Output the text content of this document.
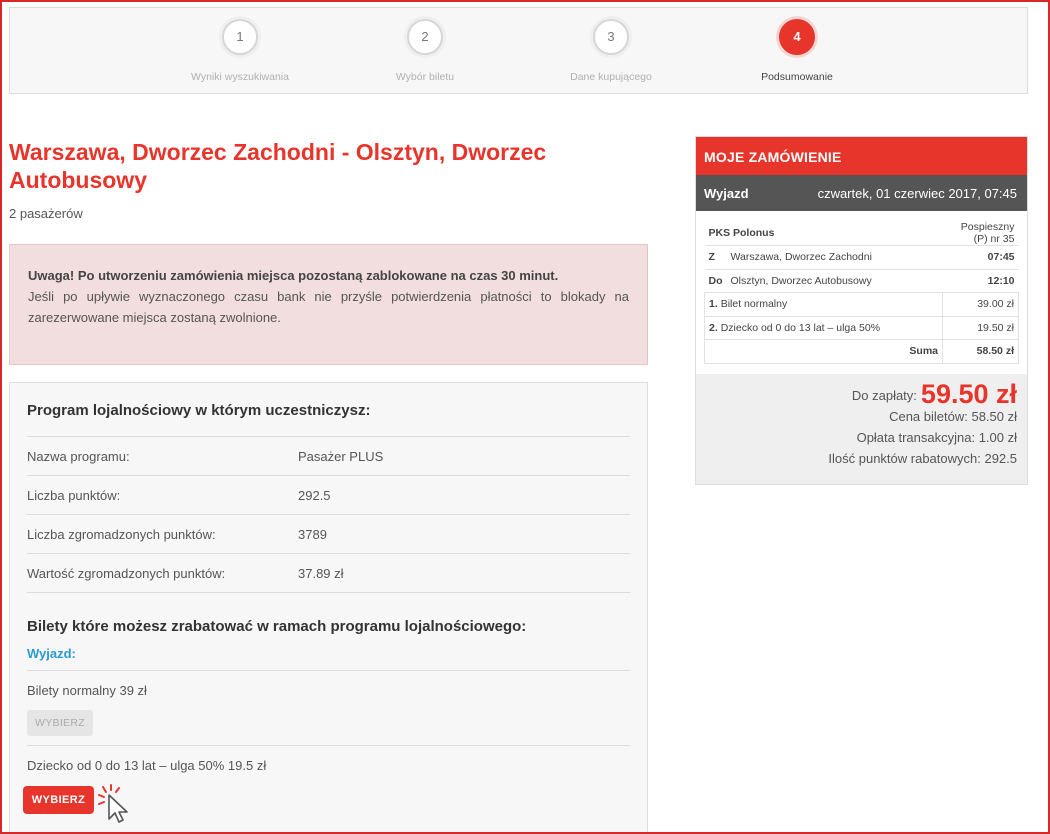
1
Wyniki wyszukiwania
2
Wybór biletu
3
Dane kupującego
4
Podsumowanie
Warszawa, Dworzec Zachodni - Olsztyn, Dworzec Autobusowy
2 pasażerów
Uwaga! Po utworzeniu zamówienia miejsca pozostaną zablokowane na czas 30 minut.
Jeśli po upływie wyznaczonego czasu bank nie przyśle potwierdzenia płatności to blokady na zarezerwowane miejsca zostaną zwolnione.
Program lojalnościowy w którym uczestniczysz:
Nazwa programu:	Pasażer PLUS
Liczba punktów:	292.5
Liczba zgromadzonych punktów:	3789
Wartość zgromadzonych punktów:	37.89 zł
Bilety które możesz zrabatować w ramach programu lojalnościowego:
Wyjazd:
Bilety normalny 39 zł
WYBIERZ
Dziecko od 0 do 13 lat – ulga 50% 19.5 zł
WYBIERZ
MOJE ZAMÓWIENIE
Wyjazd	czwartek, 01 czerwiec 2017, 07:45
PKS Polonus		Pospieszny (P) nr 35
Z	Warszawa, Dworzec Zachodni	07:45
Do	Olsztyn, Dworzec Autobusowy	12:10
1. Bilet normalny		39.00 zł
2. Dziecko od 0 do 13 lat – ulga 50%		19.50 zł
Suma		58.50 zł
Do zapłaty: 59.50 zł
Cena biletów: 58.50 zł
Opłata transakcyjna: 1.00 zł
Ilość punktów rabatowych: 292.5
